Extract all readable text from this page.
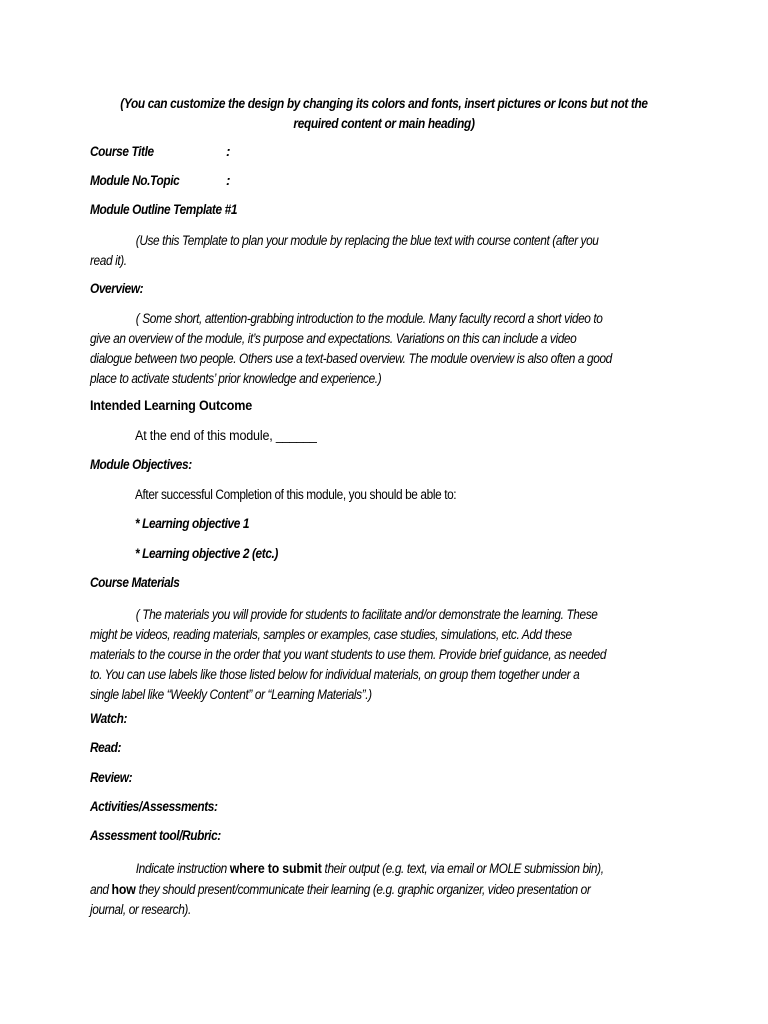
(You can customize the design by changing its colors and fonts, insert pictures or Icons but not the
required content or main heading)
Course Title	:
Module No.Topic	:
Module Outline Template #1
(Use this Template to plan your module by replacing the blue text with course content (after you
read it).
Overview:
( Some short, attention-grabbing introduction to the module. Many faculty record a short video to
give an overview of the module, it’s purpose and expectations. Variations on this can include a video
dialogue between two people. Others use a text-based overview. The module overview is also often a good
place to activate students’ prior knowledge and experience.)
Intended Learning Outcome
At the end of this module, ______
Module Objectives:
After successful Completion of this module, you should be able to:
* Learning objective 1
* Learning objective 2 (etc.)
Course Materials
( The materials you will provide for students to facilitate and/or demonstrate the learning. These
might be videos, reading materials, samples or examples, case studies, simulations, etc. Add these
materials to the course in the order that you want students to use them. Provide brief guidance, as needed
to. You can use labels like those listed below for individual materials, on group them together under a
single label like “Weekly Content” or “Learning Materials”.)
Watch:
Read:
Review:
Activities/Assessments:
Assessment tool/Rubric:
Indicate instruction where to submit their output (e.g. text, via email or MOLE submission bin),
and how they should present/communicate their learning (e.g. graphic organizer, video presentation or
journal, or research).
